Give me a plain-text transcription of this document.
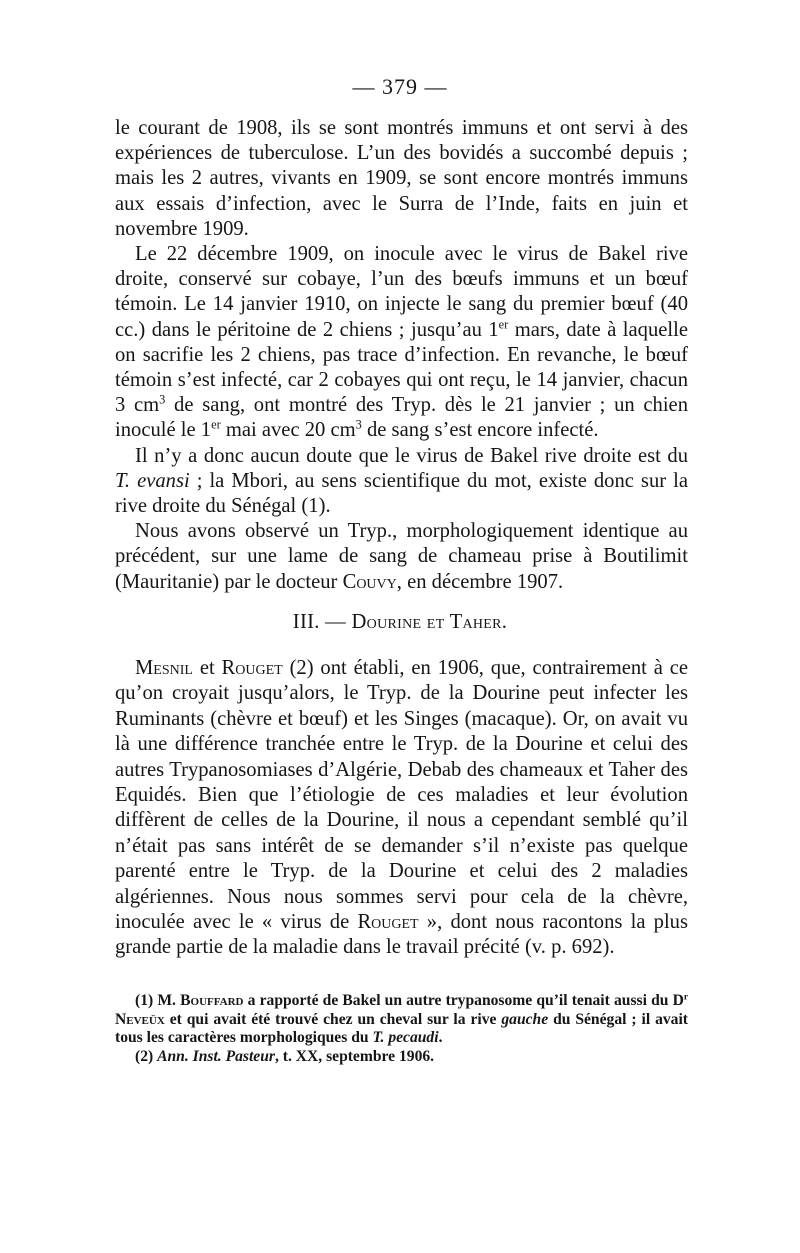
— 379 —

le courant de 1908, ils se sont montrés immuns et ont servi à des expériences de tuberculose. L’un des bovidés a succombé depuis ; mais les 2 autres, vivants en 1909, se sont encore montrés immuns aux essais d’infection, avec le Surra de l’Inde, faits en juin et novembre 1909.

Le 22 décembre 1909, on inocule avec le virus de Bakel rive droite, conservé sur cobaye, l’un des bœufs immuns et un bœuf témoin. Le 14 janvier 1910, on injecte le sang du premier bœuf (40 cc.) dans le péritoine de 2 chiens ; jusqu’au 1er mars, date à laquelle on sacrifie les 2 chiens, pas trace d’infection. En revanche, le bœuf témoin s’est infecté, car 2 cobayes qui ont reçu, le 14 janvier, chacun 3 $cm^3$ de sang, ont montré des Tryp. dès le 21 janvier ; un chien inoculé le 1er mai avec 20 $cm^3$ de sang s’est encore infecté.

Il n’y a donc aucun doute que le virus de Bakel rive droite est du T. evansi ; la Mbori, au sens scientifique du mot, existe donc sur la rive droite du Sénégal (1).

Nous avons observé un Tryp., morphologiquement identique au précédent, sur une lame de sang de chameau prise à Boutilimit (Mauritanie) par le docteur Couvy, en décembre 1907.

III. — Dourine et Taher.

Mesnil et Rouget (2) ont établi, en 1906, que, contrairement à ce qu’on croyait jusqu’alors, le Tryp. de la Dourine peut infecter les Ruminants (chèvre et bœuf) et les Singes (macaque). Or, on avait vu là une différence tranchée entre le Tryp. de la Dourine et celui des autres Trypanosomiases d’Algérie, Debab des chameaux et Taher des Equidés. Bien que l’étiologie de ces maladies et leur évolution diffèrent de celles de la Dourine, il nous a cependant semblé qu’il n’était pas sans intérêt de se demander s’il n’existe pas quelque parenté entre le Tryp. de la Dourine et celui des 2 maladies algériennes. Nous nous sommes servi pour cela de la chèvre, inoculée avec le « virus de Rouget », dont nous racontons la plus grande partie de la maladie dans le travail précité (v. p. 692).

(1) M. Bouffard a rapporté de Bakel un autre trypanosome qu’il tenait aussi du $D^r$ Neveüx et qui avait été trouvé chez un cheval sur la rive gauche du Sénégal ; il avait tous les caractères morphologiques du T. pecaudi.

(2) Ann. Inst. Pasteur, t. XX, septembre 1906.
